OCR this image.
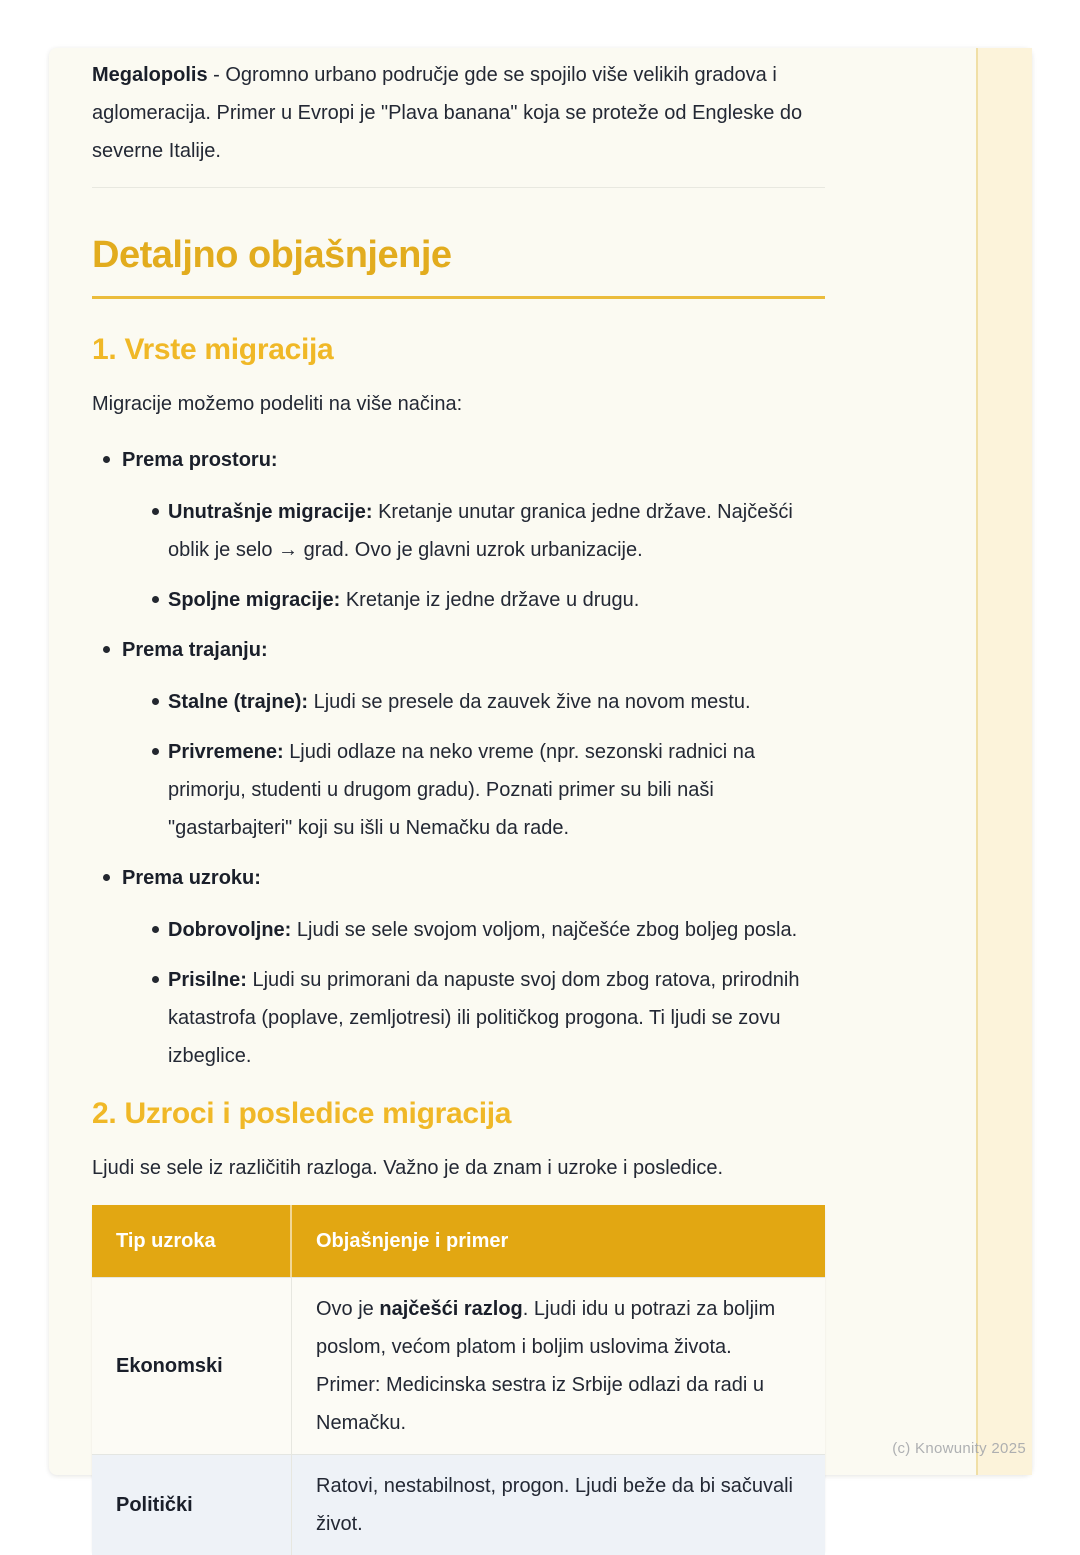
Megalopolis - Ogromno urbano područje gde se spojilo više velikih gradova i aglomeracija. Primer u Evropi je "Plava banana" koja se proteže od Engleske do severne Italije.

Detaljno objašnjenje
1. Vrste migracija

Migracije možemo podeliti na više načina:

Prema prostoru:
Unutrašnje migracije: Kretanje unutar granica jedne države. Najčešći oblik je selo → grad. Ovo je glavni uzrok urbanizacije.
Spoljne migracije: Kretanje iz jedne države u drugu.
Prema trajanju:
Stalne (trajne): Ljudi se presele da zauvek žive na novom mestu.
Privremene: Ljudi odlaze na neko vreme (npr. sezonski radnici na primorju, studenti u drugom gradu). Poznati primer su bili naši "gastarbajteri" koji su išli u Nemačku da rade.
Prema uzroku:
Dobrovoljne: Ljudi se sele svojom voljom, najčešće zbog boljeg posla.
Prisilne: Ljudi su primorani da napuste svoj dom zbog ratova, prirodnih katastrofa (poplave, zemljotresi) ili političkog progona. Ti ljudi se zovu izbeglice.
2. Uzroci i posledice migracija

Ljudi se sele iz različitih razloga. Važno je da znam i uzroke i posledice.

Tip uzroka	Objašnjenje i primer
Ekonomski	Ovo je najčešći razlog. Ljudi idu u potrazi za boljim poslom, većom platom i boljim uslovima života. Primer: Medicinska sestra iz Srbije odlazi da radi u Nemačku.
Politički	Ratovi, nestabilnost, progon. Ljudi beže da bi sačuvali život.
(c) Knowunity 2025
